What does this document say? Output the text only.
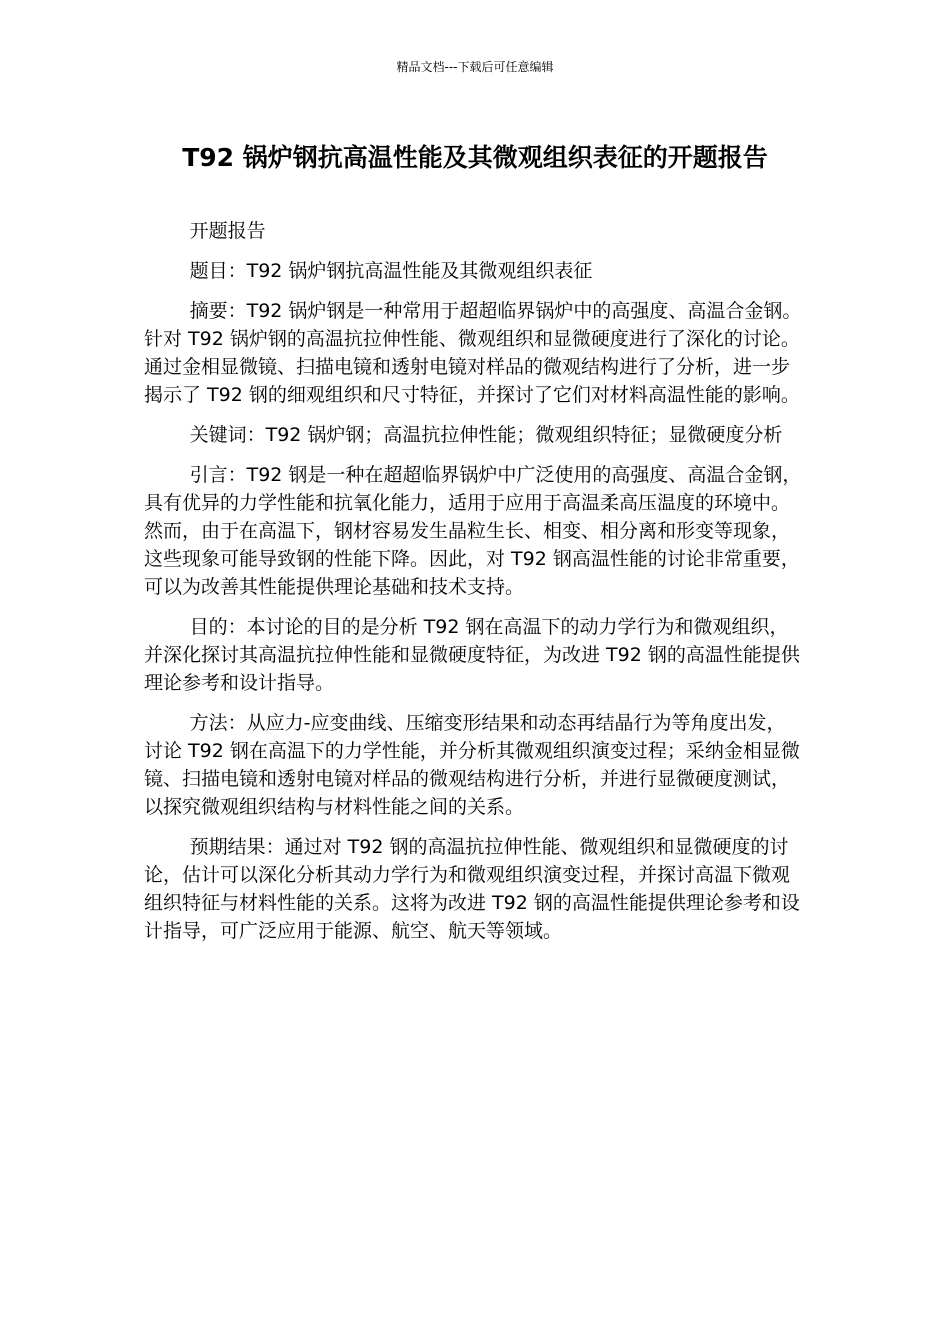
精品文档---下载后可任意编辑
T92 锅炉钢抗高温性能及其微观组织表征的开题报告

开题报告

题目：T92 锅炉钢抗高温性能及其微观组织表征

摘要：T92 锅炉钢是一种常用于超超临界锅炉中的高强度、高温合金钢。针对 T92 锅炉钢的高温抗拉伸性能、微观组织和显微硬度进行了深化的讨论。通过金相显微镜、扫描电镜和透射电镜对样品的微观结构进行了分析，进一步揭示了 T92 钢的细观组织和尺寸特征，并探讨了它们对材料高温性能的影响。

关键词：T92 锅炉钢；高温抗拉伸性能；微观组织特征；显微硬度分析

引言：T92 钢是一种在超超临界锅炉中广泛使用的高强度、高温合金钢，具有优异的力学性能和抗氧化能力，适用于应用于高温柔高压温度的环境中。然而，由于在高温下，钢材容易发生晶粒生长、相变、相分离和形变等现象，这些现象可能导致钢的性能下降。因此，对 T92 钢高温性能的讨论非常重要，可以为改善其性能提供理论基础和技术支持。

目的：本讨论的目的是分析 T92 钢在高温下的动力学行为和微观组织，并深化探讨其高温抗拉伸性能和显微硬度特征，为改进 T92 钢的高温性能提供理论参考和设计指导。

方法：从应力-应变曲线、压缩变形结果和动态再结晶行为等角度出发，讨论 T92 钢在高温下的力学性能，并分析其微观组织演变过程；采纳金相显微镜、扫描电镜和透射电镜对样品的微观结构进行分析，并进行显微硬度测试，以探究微观组织结构与材料性能之间的关系。

预期结果：通过对 T92 钢的高温抗拉伸性能、微观组织和显微硬度的讨论，估计可以深化分析其动力学行为和微观组织演变过程，并探讨高温下微观组织特征与材料性能的关系。这将为改进 T92 钢的高温性能提供理论参考和设计指导，可广泛应用于能源、航空、航天等领域。
